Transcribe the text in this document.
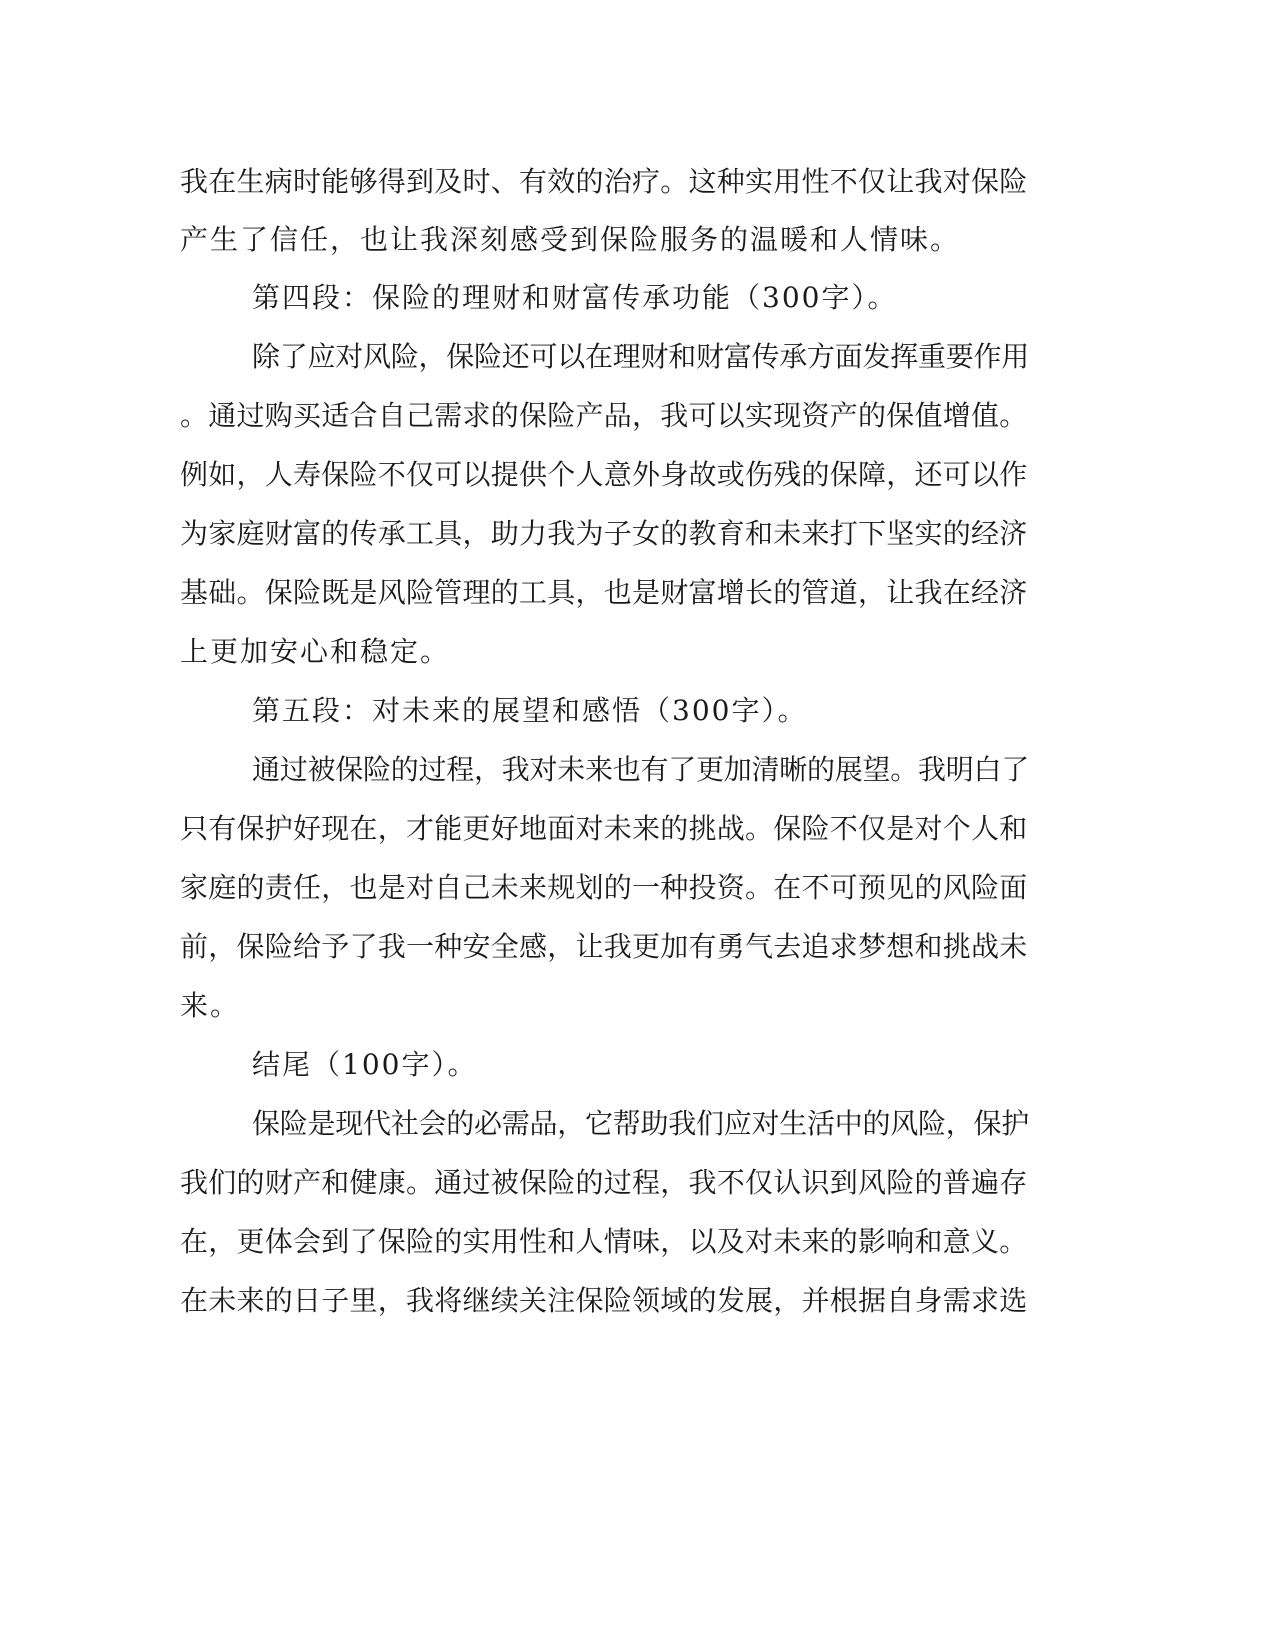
我在生病时能够得到及时、有效的治疗。这种实用性不仅让我对保险
产生了信任，也让我深刻感受到保险服务的温暖和人情味。
第四段：保险的理财和财富传承功能（300字）。
除了应对风险，保险还可以在理财和财富传承方面发挥重要作用
。通过购买适合自己需求的保险产品，我可以实现资产的保值增值。
例如，人寿保险不仅可以提供个人意外身故或伤残的保障，还可以作
为家庭财富的传承工具，助力我为子女的教育和未来打下坚实的经济
基础。保险既是风险管理的工具，也是财富增长的管道，让我在经济
上更加安心和稳定。
第五段：对未来的展望和感悟（300字）。
通过被保险的过程，我对未来也有了更加清晰的展望。我明白了
只有保护好现在，才能更好地面对未来的挑战。保险不仅是对个人和
家庭的责任，也是对自己未来规划的一种投资。在不可预见的风险面
前，保险给予了我一种安全感，让我更加有勇气去追求梦想和挑战未
来。
结尾（100字）。
保险是现代社会的必需品，它帮助我们应对生活中的风险，保护
我们的财产和健康。通过被保险的过程，我不仅认识到风险的普遍存
在，更体会到了保险的实用性和人情味，以及对未来的影响和意义。
在未来的日子里，我将继续关注保险领域的发展，并根据自身需求选
